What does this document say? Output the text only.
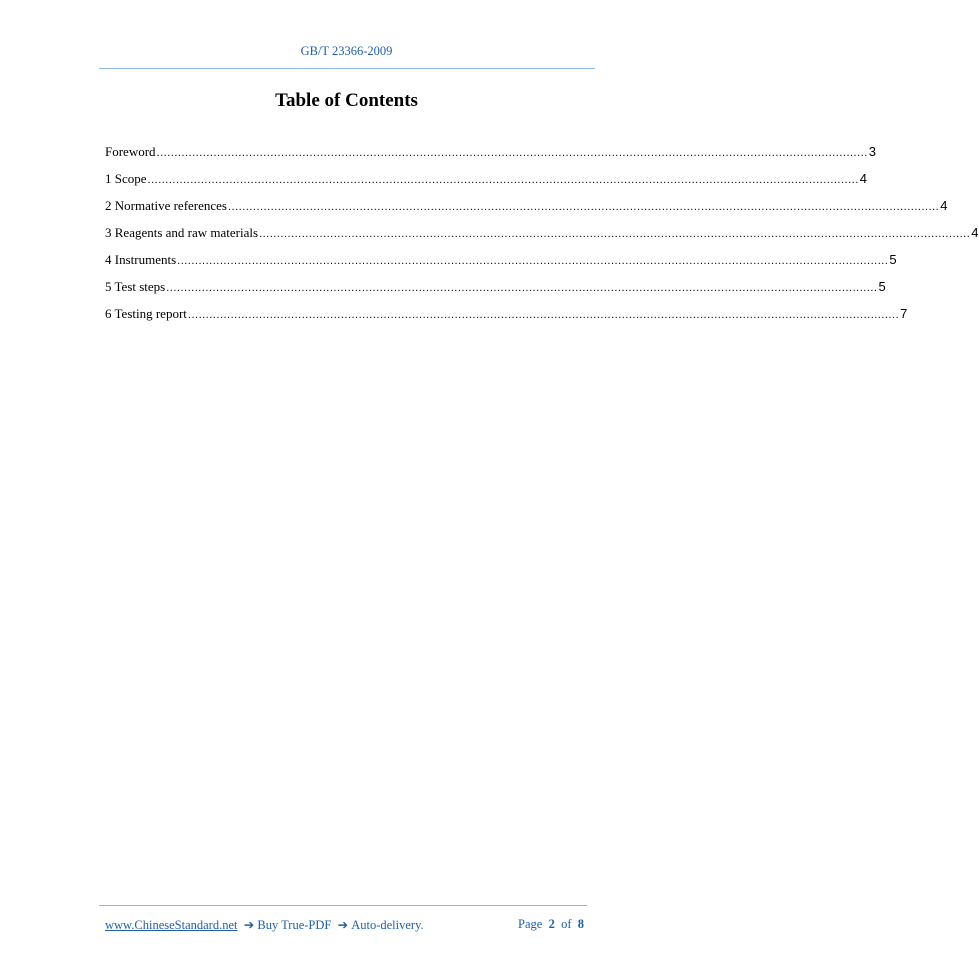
GB/T 23366-2009
Table of Contents
Foreword ........................................................................................................................................................................................................ 3
1 Scope ........................................................................................................................................................................................................ 4
2 Normative references ........................................................................................................................................................................................................ 4
3 Reagents and raw materials ........................................................................................................................................................................................................ 4
4 Instruments ........................................................................................................................................................................................................ 5
5 Test steps ........................................................................................................................................................................................................ 5
6 Testing report ........................................................................................................................................................................................................ 7
www.ChineseStandard.net  ➔ Buy True-PDF  ➔ Auto-delivery.	Page 2 of 8
